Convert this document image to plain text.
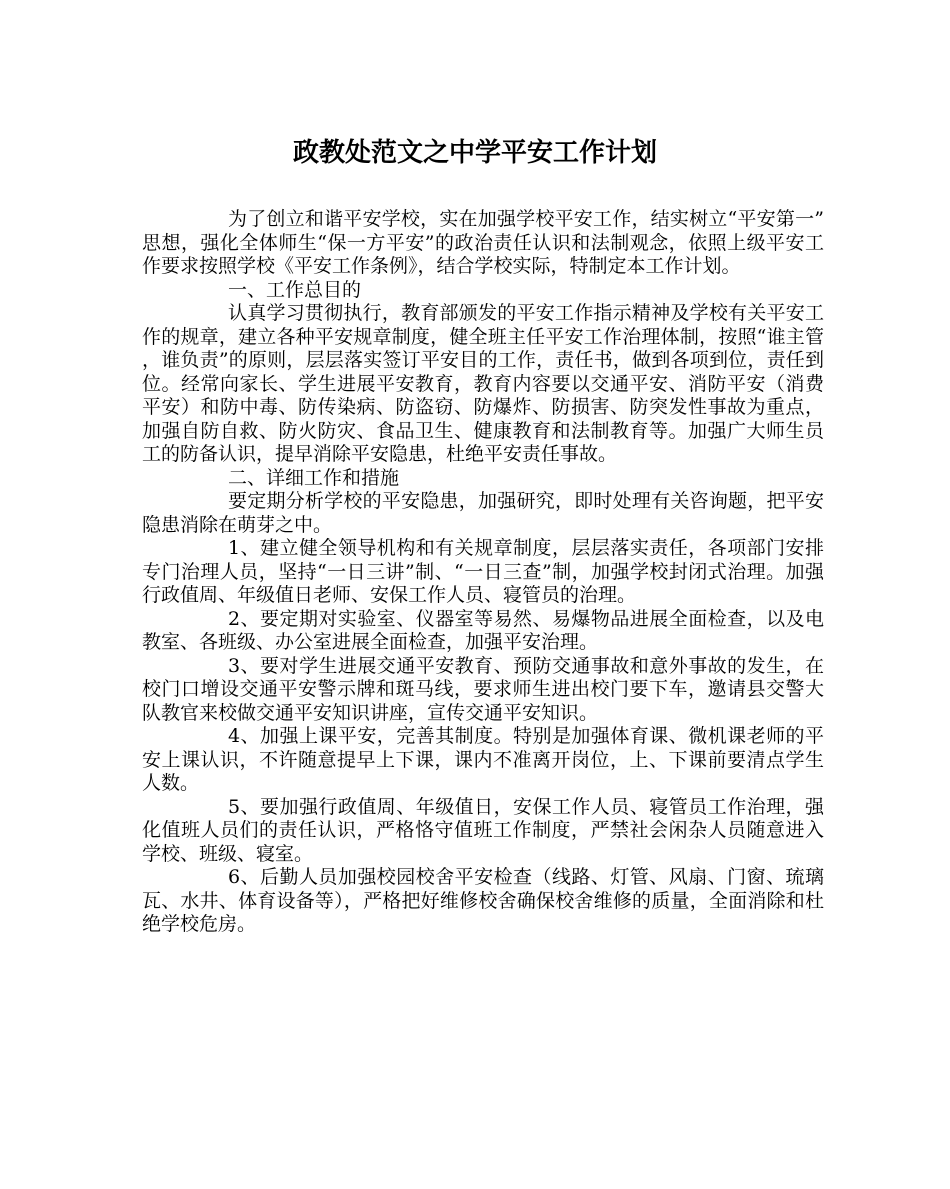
政教处范文之中学平安工作计划

为了创立和谐平安学校，实在加强学校平安工作，结实树立“平安第一”思想，强化全体师生“保一方平安”的政治责任认识和法制观念，依照上级平安工作要求按照学校《平安工作条例》，结合学校实际，特制定本工作计划。

一、工作总目的

认真学习贯彻执行，教育部颁发的平安工作指示精神及学校有关平安工作的规章，建立各种平安规章制度，健全班主任平安工作治理体制，按照“谁主管，谁负责”的原则，层层落实签订平安目的工作，责任书，做到各项到位，责任到位。经常向家长、学生进展平安教育，教育内容要以交通平安、消防平安（消费平安）和防中毒、防传染病、防盗窃、防爆炸、防损害、防突发性事故为重点，加强自防自救、防火防灾、食品卫生、健康教育和法制教育等。加强广大师生员工的防备认识，提早消除平安隐患，杜绝平安责任事故。

二、详细工作和措施

要定期分析学校的平安隐患，加强研究，即时处理有关咨询题，把平安隐患消除在萌芽之中。

1、建立健全领导机构和有关规章制度，层层落实责任，各项部门安排专门治理人员，坚持“一日三讲”制、“一日三查”制，加强学校封闭式治理。加强行政值周、年级值日老师、安保工作人员、寝管员的治理。

2、要定期对实验室、仪器室等易然、易爆物品进展全面检查，以及电教室、各班级、办公室进展全面检查，加强平安治理。

3、要对学生进展交通平安教育、预防交通事故和意外事故的发生，在校门口增设交通平安警示牌和斑马线，要求师生进出校门要下车，邀请县交警大队教官来校做交通平安知识讲座，宣传交通平安知识。

4、加强上课平安，完善其制度。特别是加强体育课、微机课老师的平安上课认识，不许随意提早上下课，课内不准离开岗位，上、下课前要清点学生人数。

5、要加强行政值周、年级值日，安保工作人员、寝管员工作治理，强化值班人员们的责任认识，严格恪守值班工作制度，严禁社会闲杂人员随意进入学校、班级、寝室。

6、后勤人员加强校园校舍平安检查（线路、灯管、风扇、门窗、琉璃瓦、水井、体育设备等），严格把好维修校舍确保校舍维修的质量，全面消除和杜绝学校危房。
